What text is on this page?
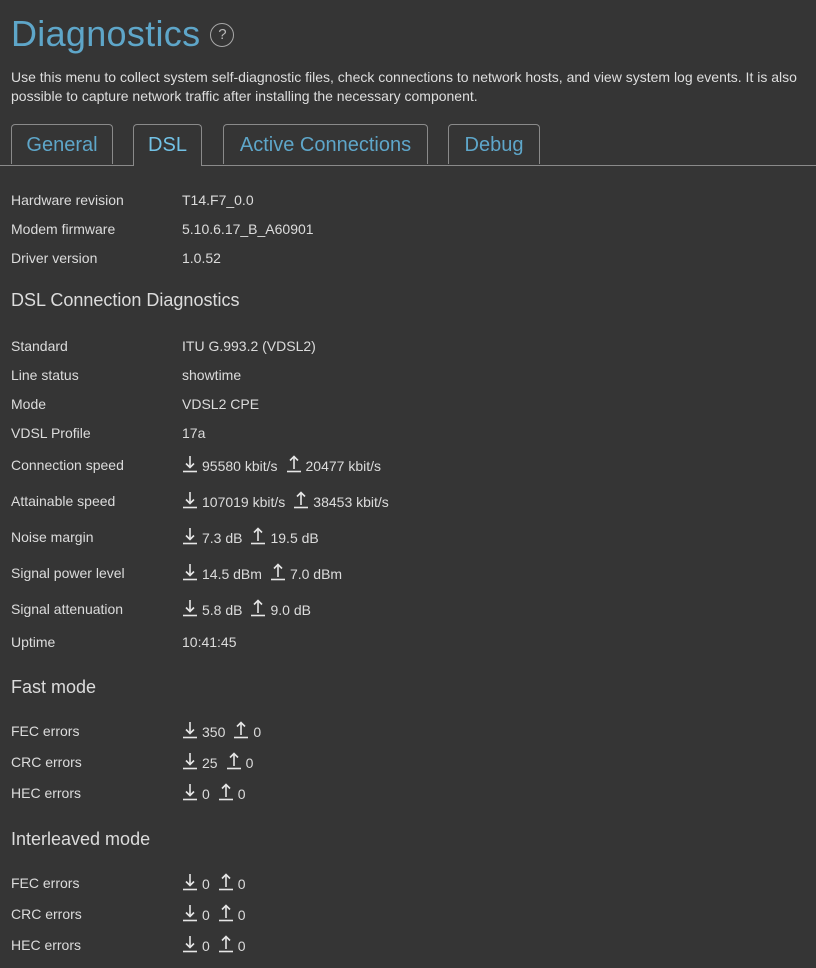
Diagnostics	?
Use this menu to collect system self-diagnostic files, check connections to network hosts, and view system log events. It is also possible to capture network traffic after installing the necessary component.
General	DSL	Active Connections	Debug
Hardware revision	T14.F7_0.0
Modem firmware	5.10.6.17_B_A60901
Driver version	1.0.52
DSL Connection Diagnostics
Standard	ITU G.993.2 (VDSL2)
Line status	showtime
Mode	VDSL2 CPE
VDSL Profile	17a
Connection speed	95580 kbit/s 20477 kbit/s
Attainable speed	107019 kbit/s 38453 kbit/s
Noise margin	7.3 dB 19.5 dB
Signal power level	14.5 dBm 7.0 dBm
Signal attenuation	5.8 dB 9.0 dB
Uptime	10:41:45
Fast mode
FEC errors	350 0
CRC errors	25 0
HEC errors	0 0
Interleaved mode
FEC errors	0 0
CRC errors	0 0
HEC errors	0 0
